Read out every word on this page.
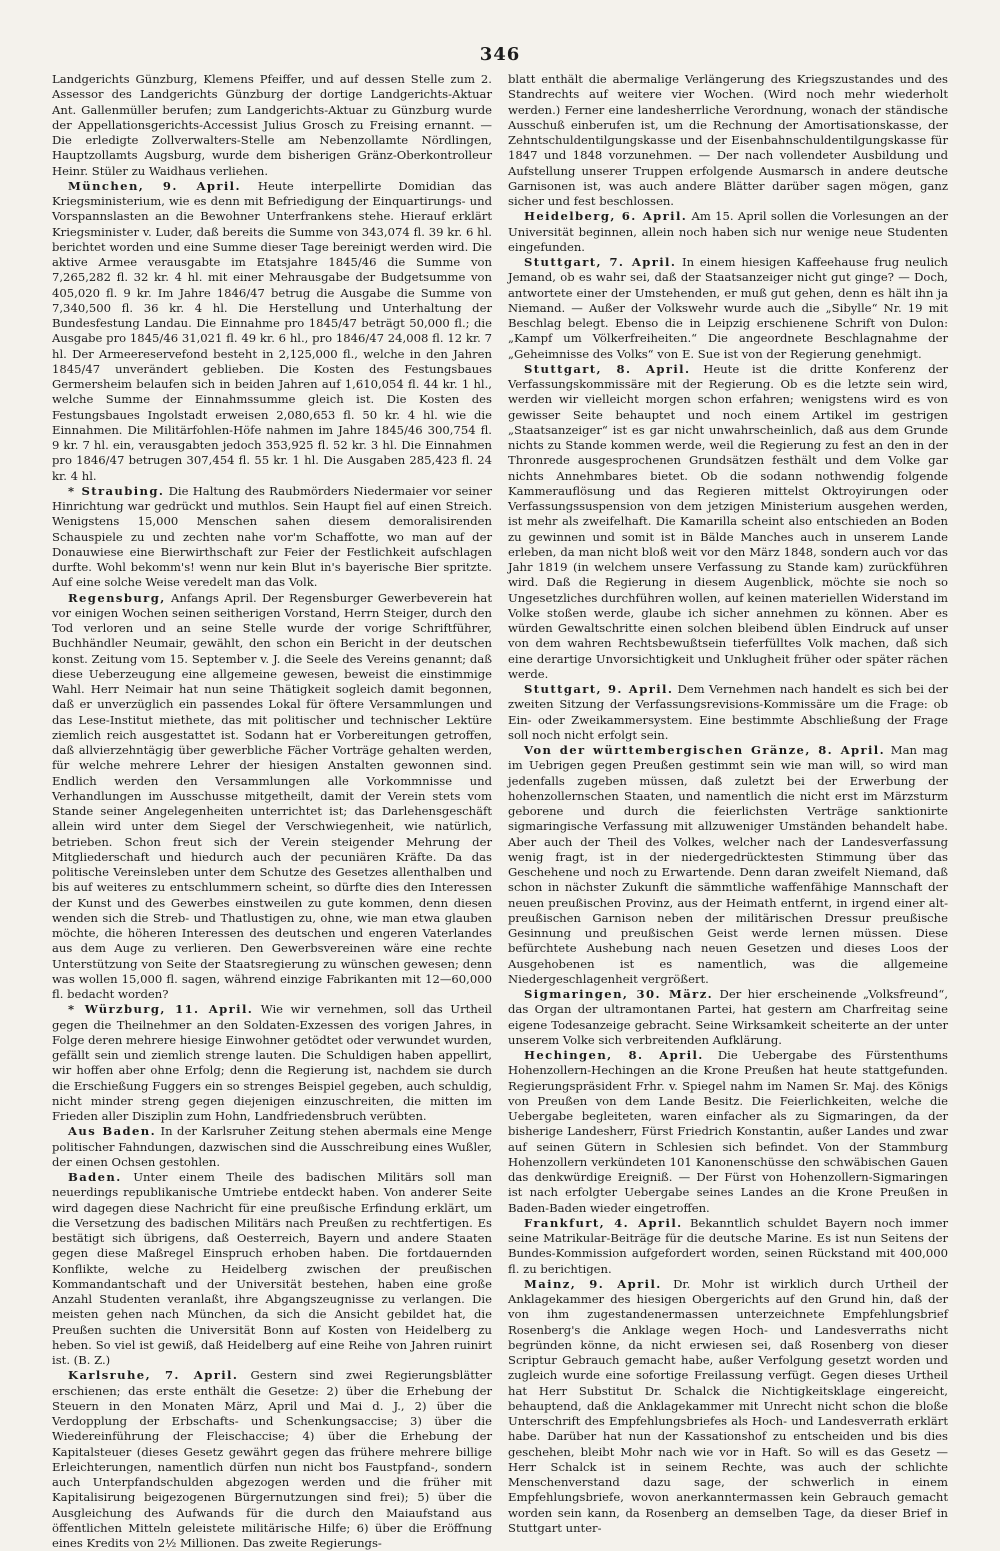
346

Landgerichts Günzburg, Klemens Pfeiffer, und auf dessen Stelle zum 2. Assessor des Landgerichts Günzburg der dortige Landgerichts-Aktuar Ant. Gallenmüller berufen; zum Landgerichts-Aktuar zu Günzburg wurde der Appellationsgerichts-Accessist Julius Grosch zu Freising ernannt. — Die erledigte Zollverwalters-Stelle am Nebenzollamte Nördlingen, Hauptzollamts Augsburg, wurde dem bisherigen Gränz-Oberkontrolleur Heinr. Stüler zu Waidhaus verliehen.

München, 9. April. Heute interpellirte Domidian das Kriegsministerium, wie es denn mit Befriedigung der Einquartirungs- und Vorspannslasten an die Bewohner Unterfrankens stehe. Hierauf erklärt Kriegsminister v. Luder, daß bereits die Summe von 343,074 fl. 39 kr. 6 hl. berichtet worden und eine Summe dieser Tage bereinigt werden wird. Die aktive Armee verausgabte im Etatsjahre 1845/46 die Summe von 7,265,282 fl. 32 kr. 4 hl. mit einer Mehrausgabe der Budgetsumme von 405,020 fl. 9 kr. Im Jahre 1846/47 betrug die Ausgabe die Summe von 7,340,500 fl. 36 kr. 4 hl. Die Herstellung und Unterhaltung der Bundesfestung Landau. Die Einnahme pro 1845/47 beträgt 50,000 fl.; die Ausgabe pro 1845/46 31,021 fl. 49 kr. 6 hl., pro 1846/47 24,008 fl. 12 kr. 7 hl. Der Armeereservefond besteht in 2,125,000 fl., welche in den Jahren 1845/47 unverändert geblieben. Die Kosten des Festungsbaues Germersheim belaufen sich in beiden Jahren auf 1,610,054 fl. 44 kr. 1 hl., welche Summe der Einnahmssumme gleich ist. Die Kosten des Festungsbaues Ingolstadt erweisen 2,080,653 fl. 50 kr. 4 hl. wie die Einnahmen. Die Militärfohlen-Höfe nahmen im Jahre 1845/46 300,754 fl. 9 kr. 7 hl. ein, verausgabten jedoch 353,925 fl. 52 kr. 3 hl. Die Einnahmen pro 1846/47 betrugen 307,454 fl. 55 kr. 1 hl. Die Ausgaben 285,423 fl. 24 kr. 4 hl.

* Straubing. Die Haltung des Raubmörders Niedermaier vor seiner Hinrichtung war gedrückt und muthlos. Sein Haupt fiel auf einen Streich. Wenigstens 15,000 Menschen sahen diesem demoralisirenden Schauspiele zu und zechten nahe vor'm Schaffotte, wo man auf der Donauwiese eine Bierwirthschaft zur Feier der Festlichkeit aufschlagen durfte. Wohl bekomm's! wenn nur kein Blut in's bayerische Bier spritzte. Auf eine solche Weise veredelt man das Volk.

Regensburg, Anfangs April. Der Regensburger Gewerbeverein hat vor einigen Wochen seinen seitherigen Vorstand, Herrn Steiger, durch den Tod verloren und an seine Stelle wurde der vorige Schriftführer, Buchhändler Neumair, gewählt, den schon ein Bericht in der deutschen konst. Zeitung vom 15. September v. J. die Seele des Vereins genannt; daß diese Ueberzeugung eine allgemeine gewesen, beweist die einstimmige Wahl. Herr Neimair hat nun seine Thätigkeit sogleich damit begonnen, daß er unverzüglich ein passendes Lokal für öftere Versammlungen und das Lese-Institut miethete, das mit politischer und technischer Lektüre ziemlich reich ausgestattet ist. Sodann hat er Vorbereitungen getroffen, daß allvierzehntägig über gewerbliche Fächer Vorträge gehalten werden, für welche mehrere Lehrer der hiesigen Anstalten gewonnen sind. Endlich werden den Versammlungen alle Vorkommnisse und Verhandlungen im Ausschusse mitgetheilt, damit der Verein stets vom Stande seiner Angelegenheiten unterrichtet ist; das Darlehensgeschäft allein wird unter dem Siegel der Verschwiegenheit, wie natürlich, betrieben. Schon freut sich der Verein steigender Mehrung der Mitgliederschaft und hiedurch auch der pecuniären Kräfte. Da das politische Vereinsleben unter dem Schutze des Gesetzes allenthalben und bis auf weiteres zu entschlummern scheint, so dürfte dies den Interessen der Kunst und des Gewerbes einstweilen zu gute kommen, denn diesen wenden sich die Streb- und Thatlustigen zu, ohne, wie man etwa glauben möchte, die höheren Interessen des deutschen und engeren Vaterlandes aus dem Auge zu verlieren. Den Gewerbsvereinen wäre eine rechte Unterstützung von Seite der Staatsregierung zu wünschen gewesen; denn was wollen 15,000 fl. sagen, während einzige Fabrikanten mit 12—60,000 fl. bedacht worden?

* Würzburg, 11. April. Wie wir vernehmen, soll das Urtheil gegen die Theilnehmer an den Soldaten-Exzessen des vorigen Jahres, in Folge deren mehrere hiesige Einwohner getödtet oder verwundet wurden, gefällt sein und ziemlich strenge lauten. Die Schuldigen haben appellirt, wir hoffen aber ohne Erfolg; denn die Regierung ist, nachdem sie durch die Erschießung Fuggers ein so strenges Beispiel gegeben, auch schuldig, nicht minder streng gegen diejenigen einzuschreiten, die mitten im Frieden aller Disziplin zum Hohn, Landfriedensbruch verübten.

Aus Baden. In der Karlsruher Zeitung stehen abermals eine Menge politischer Fahndungen, dazwischen sind die Ausschreibung eines Wußler, der einen Ochsen gestohlen.

Baden. Unter einem Theile des badischen Militärs soll man neuerdings republikanische Umtriebe entdeckt haben. Von anderer Seite wird dagegen diese Nachricht für eine preußische Erfindung erklärt, um die Versetzung des badischen Militärs nach Preußen zu rechtfertigen. Es bestätigt sich übrigens, daß Oesterreich, Bayern und andere Staaten gegen diese Maßregel Einspruch erhoben haben. Die fortdauernden Konflikte, welche zu Heidelberg zwischen der preußischen Kommandantschaft und der Universität bestehen, haben eine große Anzahl Studenten veranlaßt, ihre Abgangszeugnisse zu verlangen. Die meisten gehen nach München, da sich die Ansicht gebildet hat, die Preußen suchten die Universität Bonn auf Kosten von Heidelberg zu heben. So viel ist gewiß, daß Heidelberg auf eine Reihe von Jahren ruinirt ist. (B. Z.)

Karlsruhe, 7. April. Gestern sind zwei Regierungsblätter erschienen; das erste enthält die Gesetze: 2) über die Erhebung der Steuern in den Monaten März, April und Mai d. J., 2) über die Verdopplung der Erbschafts- und Schenkungsaccise; 3) über die Wiedereinführung der Fleischaccise; 4) über die Erhebung der Kapitalsteuer (dieses Gesetz gewährt gegen das frühere mehrere billige Erleichterungen, namentlich dürfen nun nicht bos Faustpfand-, sondern auch Unterpfandschulden abgezogen werden und die früher mit Kapitalisirung beigezogenen Bürgernutzungen sind frei); 5) über die Ausgleichung des Aufwands für die durch den Maiaufstand aus öffentlichen Mitteln geleistete militärische Hilfe; 6) über die Eröffnung eines Kredits von 2½ Millionen. Das zweite Regierungs-

blatt enthält die abermalige Verlängerung des Kriegszustandes und des Standrechts auf weitere vier Wochen. (Wird noch mehr wiederholt werden.) Ferner eine landesherrliche Verordnung, wonach der ständische Ausschuß einberufen ist, um die Rechnung der Amortisationskasse, der Zehntschuldentilgungskasse und der Eisenbahnschuldentilgungskasse für 1847 und 1848 vorzunehmen. — Der nach vollendeter Ausbildung und Aufstellung unserer Truppen erfolgende Ausmarsch in andere deutsche Garnisonen ist, was auch andere Blätter darüber sagen mögen, ganz sicher und fest beschlossen.

Heidelberg, 6. April. Am 15. April sollen die Vorlesungen an der Universität beginnen, allein noch haben sich nur wenige neue Studenten eingefunden.

Stuttgart, 7. April. In einem hiesigen Kaffeehause frug neulich Jemand, ob es wahr sei, daß der Staatsanzeiger nicht gut ginge? — Doch, antwortete einer der Umstehenden, er muß gut gehen, denn es hält ihn ja Niemand. — Außer der Volkswehr wurde auch die „Sibylle“ Nr. 19 mit Beschlag belegt. Ebenso die in Leipzig erschienene Schrift von Dulon: „Kampf um Völkerfreiheiten.“ Die angeordnete Beschlagnahme der „Geheimnisse des Volks“ von E. Sue ist von der Regierung genehmigt.

Stuttgart, 8. April. Heute ist die dritte Konferenz der Verfassungskommissäre mit der Regierung. Ob es die letzte sein wird, werden wir vielleicht morgen schon erfahren; wenigstens wird es von gewisser Seite behauptet und noch einem Artikel im gestrigen „Staatsanzeiger“ ist es gar nicht unwahrscheinlich, daß aus dem Grunde nichts zu Stande kommen werde, weil die Regierung zu fest an den in der Thronrede ausgesprochenen Grundsätzen festhält und dem Volke gar nichts Annehmbares bietet. Ob die sodann nothwendig folgende Kammerauflösung und das Regieren mittelst Oktroyirungen oder Verfassungssuspension von dem jetzigen Ministerium ausgehen werden, ist mehr als zweifelhaft. Die Kamarilla scheint also entschieden an Boden zu gewinnen und somit ist in Bälde Manches auch in unserem Lande erleben, da man nicht bloß weit vor den März 1848, sondern auch vor das Jahr 1819 (in welchem unsere Verfassung zu Stande kam) zurückführen wird. Daß die Regierung in diesem Augenblick, möchte sie noch so Ungesetzliches durchführen wollen, auf keinen materiellen Widerstand im Volke stoßen werde, glaube ich sicher annehmen zu können. Aber es würden Gewaltschritte einen solchen bleibend üblen Eindruck auf unser von dem wahren Rechtsbewußtsein tieferfülltes Volk machen, daß sich eine derartige Unvorsichtigkeit und Unklugheit früher oder später rächen werde.

Stuttgart, 9. April. Dem Vernehmen nach handelt es sich bei der zweiten Sitzung der Verfassungsrevisions-Kommissäre um die Frage: ob Ein- oder Zweikammersystem. Eine bestimmte Abschließung der Frage soll noch nicht erfolgt sein.

Von der württembergischen Gränze, 8. April. Man mag im Uebrigen gegen Preußen gestimmt sein wie man will, so wird man jedenfalls zugeben müssen, daß zuletzt bei der Erwerbung der hohenzollernschen Staaten, und namentlich die nicht erst im Märzsturm geborene und durch die feierlichsten Verträge sanktionirte sigmaringische Verfassung mit allzuweniger Umständen behandelt habe. Aber auch der Theil des Volkes, welcher nach der Landesverfassung wenig fragt, ist in der niedergedrücktesten Stimmung über das Geschehene und noch zu Erwartende. Denn daran zweifelt Niemand, daß schon in nächster Zukunft die sämmtliche waffenfähige Mannschaft der neuen preußischen Provinz, aus der Heimath entfernt, in irgend einer alt-preußischen Garnison neben der militärischen Dressur preußische Gesinnung und preußischen Geist werde lernen müssen. Diese befürchtete Aushebung nach neuen Gesetzen und dieses Loos der Ausgehobenen ist es namentlich, was die allgemeine Niedergeschlagenheit vergrößert.

Sigmaringen, 30. März. Der hier erscheinende „Volksfreund“, das Organ der ultramontanen Partei, hat gestern am Charfreitag seine eigene Todesanzeige gebracht. Seine Wirksamkeit scheiterte an der unter unserem Volke sich verbreitenden Aufklärung.

Hechingen, 8. April. Die Uebergabe des Fürstenthums Hohenzollern-Hechingen an die Krone Preußen hat heute stattgefunden. Regierungspräsident Frhr. v. Spiegel nahm im Namen Sr. Maj. des Königs von Preußen von dem Lande Besitz. Die Feierlichkeiten, welche die Uebergabe begleiteten, waren einfacher als zu Sigmaringen, da der bisherige Landesherr, Fürst Friedrich Konstantin, außer Landes und zwar auf seinen Gütern in Schlesien sich befindet. Von der Stammburg Hohenzollern verkündeten 101 Kanonenschüsse den schwäbischen Gauen das denkwürdige Ereigniß. — Der Fürst von Hohenzollern-Sigmaringen ist nach erfolgter Uebergabe seines Landes an die Krone Preußen in Baden-Baden wieder eingetroffen.

Frankfurt, 4. April. Bekanntlich schuldet Bayern noch immer seine Matrikular-Beiträge für die deutsche Marine. Es ist nun Seitens der Bundes-Kommission aufgefordert worden, seinen Rückstand mit 400,000 fl. zu berichtigen.

Mainz, 9. April. Dr. Mohr ist wirklich durch Urtheil der Anklagekammer des hiesigen Obergerichts auf den Grund hin, daß der von ihm zugestandenermassen unterzeichnete Empfehlungsbrief Rosenberg's die Anklage wegen Hoch- und Landesverraths nicht begründen könne, da nicht erwiesen sei, daß Rosenberg von dieser Scriptur Gebrauch gemacht habe, außer Verfolgung gesetzt worden und zugleich wurde eine sofortige Freilassung verfügt. Gegen dieses Urtheil hat Herr Substitut Dr. Schalck die Nichtigkeitsklage eingereicht, behauptend, daß die Anklagekammer mit Unrecht nicht schon die bloße Unterschrift des Empfehlungsbriefes als Hoch- und Landesverrath erklärt habe. Darüber hat nun der Kassationshof zu entscheiden und bis dies geschehen, bleibt Mohr nach wie vor in Haft. So will es das Gesetz — Herr Schalck ist in seinem Rechte, was auch der schlichte Menschenverstand dazu sage, der schwerlich in einem Empfehlungsbriefe, wovon anerkanntermassen kein Gebrauch gemacht worden sein kann, da Rosenberg an demselben Tage, da dieser Brief in Stuttgart unter-
